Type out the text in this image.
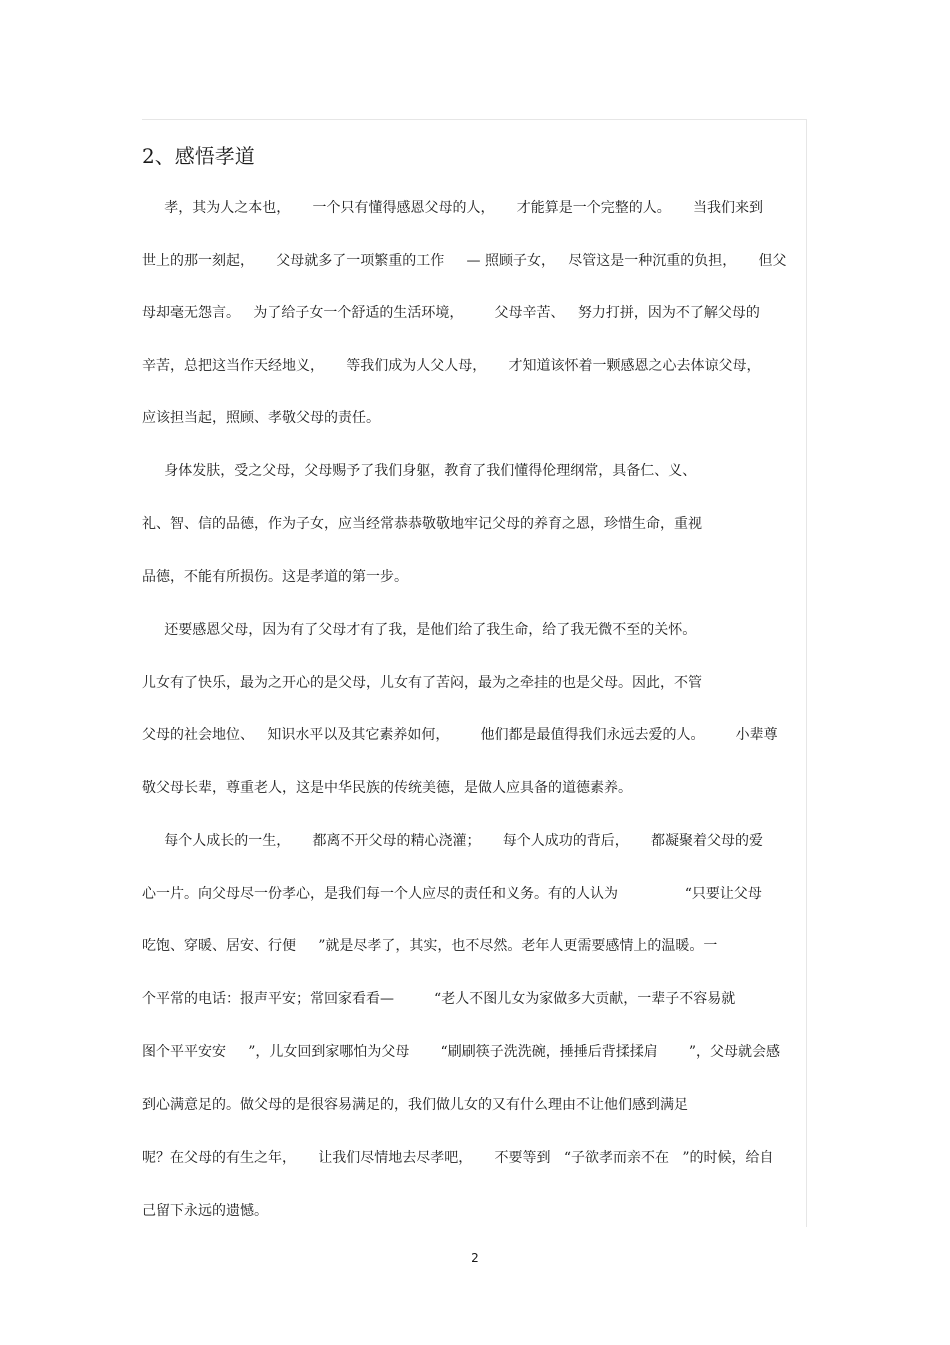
2、感悟孝道
孝，其为人之本也，     一个只有懂得感恩父母的人，     才能算是一个完整的人。     当我们来到
世上的那一刻起，     父母就多了一项繁重的工作     — 照顾子女，   尽管这是一种沉重的负担，     但父
母却毫无怨言。   为了给子女一个舒适的生活环境，       父母辛苦、   努力打拼，因为不了解父母的
辛苦，总把这当作天经地义，     等我们成为人父人母，     才知道该怀着一颗感恩之心去体谅父母，
应该担当起，照顾、孝敬父母的责任。
身体发肤，受之父母，父母赐予了我们身躯，教育了我们懂得伦理纲常，具备仁、义、
礼、智、信的品德，作为子女，应当经常恭恭敬敬地牢记父母的养育之恩，珍惜生命，重视
品德，不能有所损伤。这是孝道的第一步。
还要感恩父母，因为有了父母才有了我，是他们给了我生命，给了我无微不至的关怀。
儿女有了快乐，最为之开心的是父母，儿女有了苦闷，最为之牵挂的也是父母。因此，不管
父母的社会地位、   知识水平以及其它素养如何，       他们都是最值得我们永远去爱的人。       小辈尊
敬父母长辈，尊重老人，这是中华民族的传统美德，是做人应具备的道德素养。
每个人成长的一生，     都离不开父母的精心浇灌；     每个人成功的背后，     都凝聚着父母的爱
心一片。向父母尽一份孝心，是我们每一个人应尽的责任和义务。有的人认为               “只要让父母
吃饱、穿暖、居安、行便     ”就是尽孝了，其实，也不尽然。老年人更需要感情上的温暖。一
个平常的电话：报声平安；常回家看看—         “老人不图儿女为家做多大贡献，一辈子不容易就
图个平平安安     ”，儿女回到家哪怕为父母       “刷刷筷子洗洗碗，捶捶后背揉揉肩       ”，父母就会感
到心满意足的。做父母的是很容易满足的，我们做儿女的又有什么理由不让他们感到满足
呢？在父母的有生之年，     让我们尽情地去尽孝吧，     不要等到   “子欲孝而亲不在   ”的时候，给自
己留下永远的遗憾。
2
